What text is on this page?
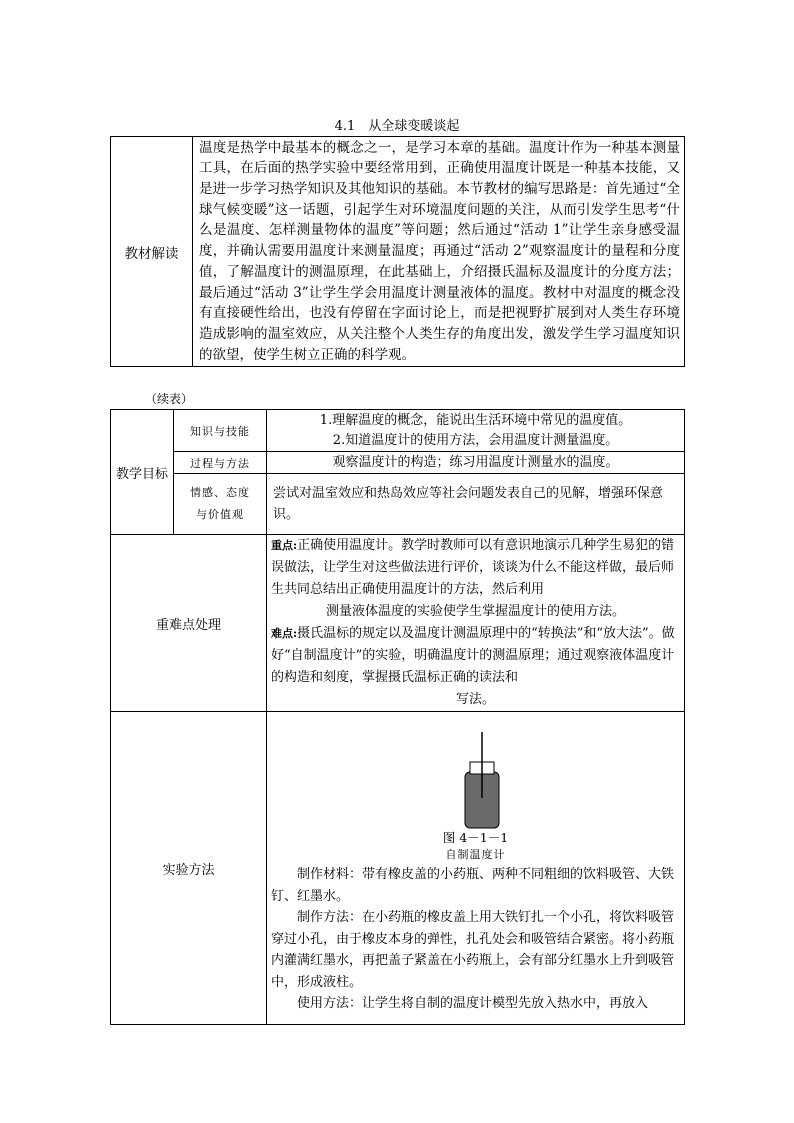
4.1　从全球变暖谈起
教材解读	温度是热学中最基本的概念之一，是学习本章的基础。温度计作为一种基本测量工具，在后面的热学实验中要经常用到，正确使用温度计既是一种基本技能，又是进一步学习热学知识及其他知识的基础。本节教材的编写思路是：首先通过“全球气候变暖”这一话题，引起学生对环境温度问题的关注，从而引发学生思考“什么是温度、怎样测量物体的温度”等问题；然后通过“活动 1”让学生亲身感受温度，并确认需要用温度计来测量温度；再通过“活动 2”观察温度计的量程和分度值，了解温度计的测温原理，在此基础上，介绍摄氏温标及温度计的分度方法；最后通过“活动 3”让学生学会用温度计测量液体的温度。教材中对温度的概念没有直接硬性给出，也没有停留在字面讨论上，而是把视野扩展到对人类生存环境造成影响的温室效应，从关注整个人类生存的角度出发，激发学生学习温度知识的欲望，使学生树立正确的科学观。
（续表）
教学目标	知识与技能	1.理解温度的概念，能说出生活环境中常见的温度值。
2.知道温度计的使用方法，会用温度计测量温度。

	过程与方法	观察温度计的构造；练习用温度计测量水的温度。

	情感、态度
与价值观	尝试对温室效应和热岛效应等社会问题发表自己的见解，增强环保意识。
重难点处理		重点:正确使用温度计。教学时教师可以有意识地演示几种学生易犯的错误做法，让学生对这些做法进行评价，谈谈为什么不能这样做，最后师生共同总结出正确使用温度计的方法，然后利用
测量液体温度的实验使学生掌握温度计的使用方法。
难点:摄氏温标的规定以及温度计测温原理中的“转换法”和“放大法”。做好“自制温度计”的实验，明确温度计的测温原理；通过观察液体温度计的构造和刻度，掌握摄氏温标正确的读法和
写法。

实验方法		图 4－1－1
自制温度计
制作材料：带有橡皮盖的小药瓶、两种不同粗细的饮料吸管、大铁钉、红墨水。
制作方法：在小药瓶的橡皮盖上用大铁钉扎一个小孔，将饮料吸管穿过小孔，由于橡皮本身的弹性，扎孔处会和吸管结合紧密。将小药瓶内灌满红墨水，再把盖子紧盖在小药瓶上，会有部分红墨水上升到吸管中，形成液柱。
使用方法：让学生将自制的温度计模型先放入热水中，再放入
